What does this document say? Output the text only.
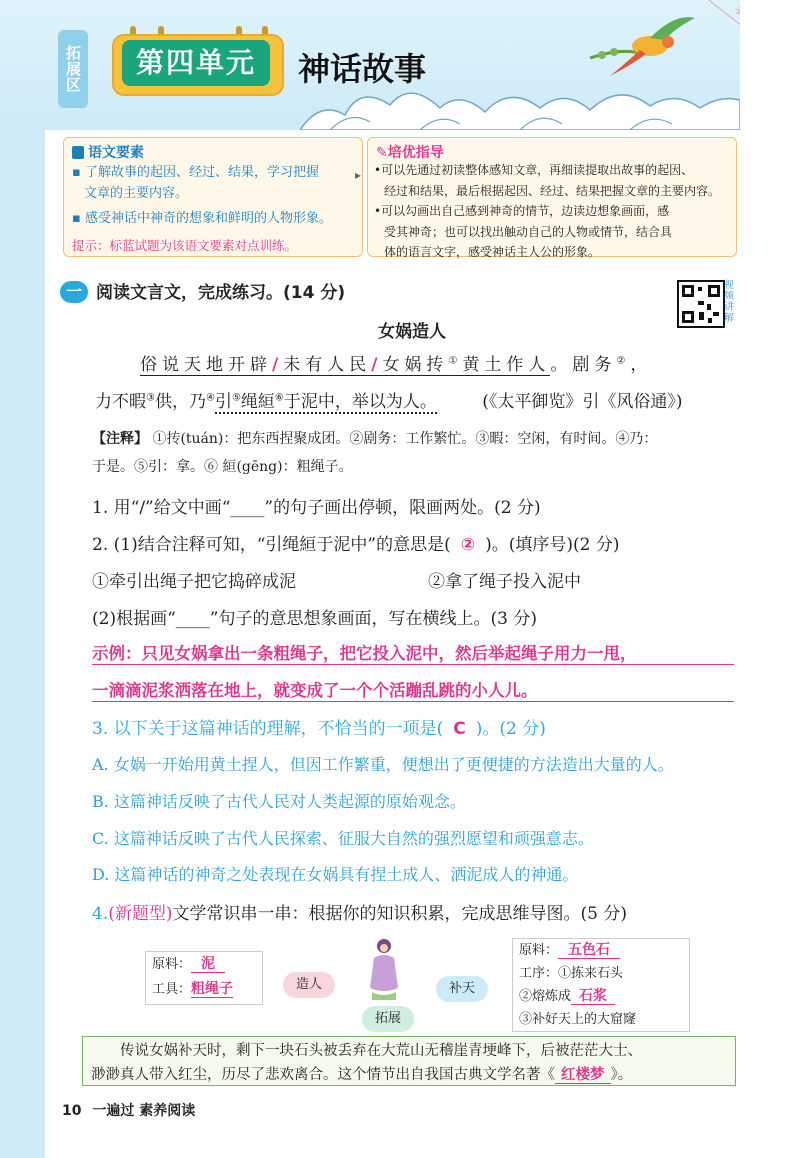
拓展区	第四单元	神话故事
语文要素
▪ 了解故事的起因、经过、结果，学习把握
文章的主要内容。
▪ 感受神话中神奇的想象和鲜明的人物形象。
提示：标蓝试题为该语文要素对点训练。
▸
✎培优指导
•可以先通过初读整体感知文章，再细读提取出故事的起因、
经过和结果，最后根据起因、经过、结果把握文章的主要内容。
•可以勾画出自己感到神奇的情节，边读边想象画面，感
受其神奇；也可以找出触动自己的人物或情节，结合具
体的语言文字，感受神话主人公的形象。
一 阅读文言文，完成练习。(14 分)	视
频
讲
解
女娲造人
俗说天地开辟/未有人民/女娲抟①黄土作人。剧务②，
力不暇③供，乃④引⑤绳絙⑥于泥中，举以为人。	(《太平御览》引《风俗通》)
【注释】 ①抟(tuán)：把东西捏聚成团。②剧务：工作繁忙。③暇：空闲，有时间。④乃：
于是。⑤引：拿。⑥ 絙(gēng)：粗绳子。
1. 用“/”给文中画“____”的句子画出停顿，限画两处。(2 分)
2. (1)结合注释可知，“引绳絙于泥中”的意思是( ② )。(填序号)(2 分)
①牵引出绳子把它捣碎成泥	②拿了绳子投入泥中
(2)根据画“____”句子的意思想象画面，写在横线上。(3 分)
示例：只见女娲拿出一条粗绳子，把它投入泥中，然后举起绳子用力一甩，
一滴滴泥浆洒落在地上，就变成了一个个活蹦乱跳的小人儿。
3. 以下关于这篇神话的理解，不恰当的一项是( C )。(2 分)
A. 女娲一开始用黄土捏人，但因工作繁重，便想出了更便捷的方法造出大量的人。
B. 这篇神话反映了古代人民对人类起源的原始观念。
C. 这篇神话反映了古代人民探索、征服大自然的强烈愿望和顽强意志。
D. 这篇神话的神奇之处表现在女娲具有捏土成人、洒泥成人的神通。
4.(新题型)文学常识串一串：根据你的知识积累，完成思维导图。(5 分)
原料： 泥
工具：粗绳子	造人
拓展
补天
原料： 五色石
工序：①拣来石头
②熔炼成 石浆
③补好天上的大窟窿
传说女娲补天时，剩下一块石头被丢弃在大荒山无稽崖青埂峰下，后被茫茫大士、
渺渺真人带入红尘，历尽了悲欢离合。这个情节出自我国古典文学名著《 红楼梦 》。
10 一遍过 素养阅读
